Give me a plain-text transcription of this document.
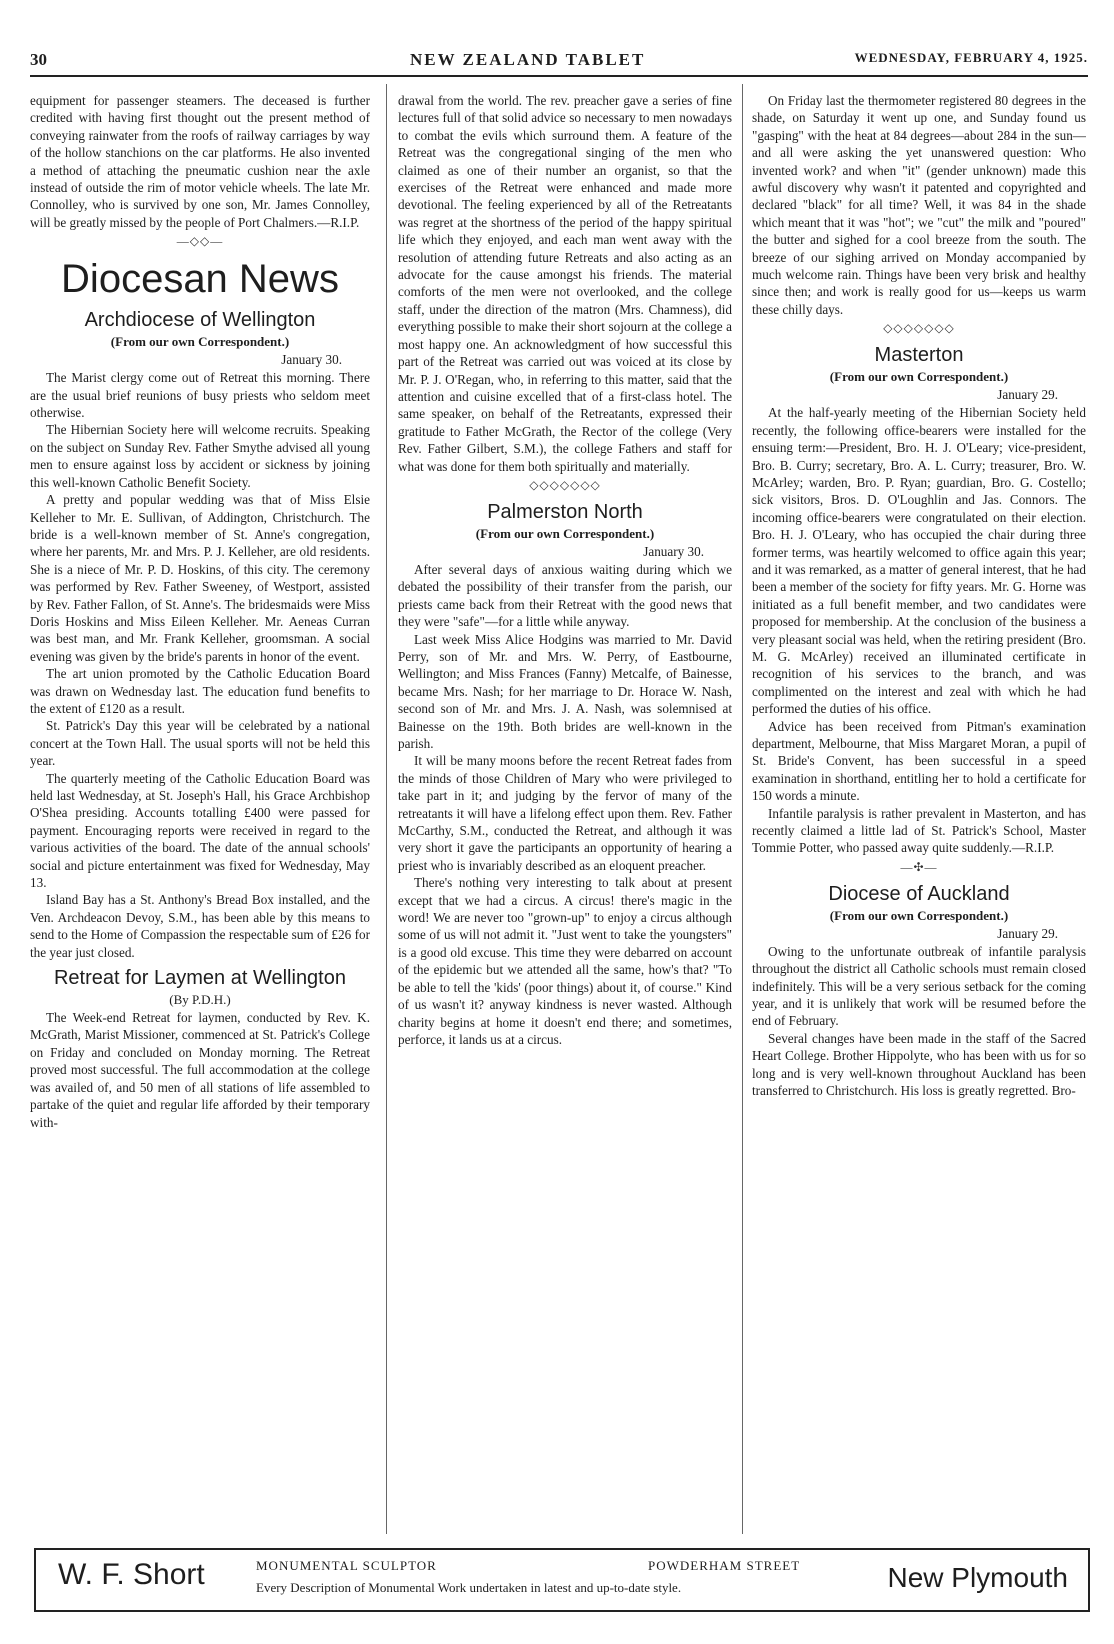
30	NEW ZEALAND TABLET	WEDNESDAY, FEBRUARY 4, 1925.

equipment for passenger steamers. The deceased is further credited with having first thought out the present method of conveying rainwater from the roofs of railway carriages by way of the hollow stanchions on the car platforms. He also invented a method of attaching the pneumatic cushion near the axle instead of outside the rim of motor vehicle wheels. The late Mr. Connolley, who is survived by one son, Mr. James Connolley, will be greatly missed by the people of Port Chalmers.—R.I.P.

—◇◇—
Diocesan News
Archdiocese of Wellington
(From our own Correspondent.)
January 30.

The Marist clergy come out of Retreat this morning. There are the usual brief reunions of busy priests who seldom meet otherwise.

The Hibernian Society here will welcome recruits. Speaking on the subject on Sunday Rev. Father Smythe advised all young men to ensure against loss by accident or sickness by joining this well-known Catholic Benefit Society.

A pretty and popular wedding was that of Miss Elsie Kelleher to Mr. E. Sullivan, of Addington, Christchurch. The bride is a well-known member of St. Anne's congregation, where her parents, Mr. and Mrs. P. J. Kelleher, are old residents. She is a niece of Mr. P. D. Hoskins, of this city. The ceremony was performed by Rev. Father Sweeney, of Westport, assisted by Rev. Father Fallon, of St. Anne's. The bridesmaids were Miss Doris Hoskins and Miss Eileen Kelleher. Mr. Aeneas Curran was best man, and Mr. Frank Kelleher, groomsman. A social evening was given by the bride's parents in honor of the event.

The art union promoted by the Catholic Education Board was drawn on Wednesday last. The education fund benefits to the extent of £120 as a result.

St. Patrick's Day this year will be celebrated by a national concert at the Town Hall. The usual sports will not be held this year.

The quarterly meeting of the Catholic Education Board was held last Wednesday, at St. Joseph's Hall, his Grace Archbishop O'Shea presiding. Accounts totalling £400 were passed for payment. Encouraging reports were received in regard to the various activities of the board. The date of the annual schools' social and picture entertainment was fixed for Wednesday, May 13.

Island Bay has a St. Anthony's Bread Box installed, and the Ven. Archdeacon Devoy, S.M., has been able by this means to send to the Home of Compassion the respectable sum of £26 for the year just closed.

Retreat for Laymen at Wellington
(By P.D.H.)

The Week-end Retreat for laymen, conducted by Rev. K. McGrath, Marist Missioner, commenced at St. Patrick's College on Friday and concluded on Monday morning. The Retreat proved most successful. The full accommodation at the college was availed of, and 50 men of all stations of life assembled to partake of the quiet and regular life afforded by their temporary with-

drawal from the world. The rev. preacher gave a series of fine lectures full of that solid advice so necessary to men nowadays to combat the evils which surround them. A feature of the Retreat was the congregational singing of the men who claimed as one of their number an organist, so that the exercises of the Retreat were enhanced and made more devotional. The feeling experienced by all of the Retreatants was regret at the shortness of the period of the happy spiritual life which they enjoyed, and each man went away with the resolution of attending future Retreats and also acting as an advocate for the cause amongst his friends. The material comforts of the men were not overlooked, and the college staff, under the direction of the matron (Mrs. Chamness), did everything possible to make their short sojourn at the college a most happy one. An acknowledgment of how successful this part of the Retreat was carried out was voiced at its close by Mr. P. J. O'Regan, who, in referring to this matter, said that the attention and cuisine excelled that of a first-class hotel. The same speaker, on behalf of the Retreatants, expressed their gratitude to Father McGrath, the Rector of the college (Very Rev. Father Gilbert, S.M.), the college Fathers and staff for what was done for them both spiritually and materially.

◇◇◇◇◇◇◇
Palmerston North
(From our own Correspondent.)
January 30.

After several days of anxious waiting during which we debated the possibility of their transfer from the parish, our priests came back from their Retreat with the good news that they were "safe"—for a little while anyway.

Last week Miss Alice Hodgins was married to Mr. David Perry, son of Mr. and Mrs. W. Perry, of Eastbourne, Wellington; and Miss Frances (Fanny) Metcalfe, of Bainesse, became Mrs. Nash; for her marriage to Dr. Horace W. Nash, second son of Mr. and Mrs. J. A. Nash, was solemnised at Bainesse on the 19th. Both brides are well-known in the parish.

It will be many moons before the recent Retreat fades from the minds of those Children of Mary who were privileged to take part in it; and judging by the fervor of many of the retreatants it will have a lifelong effect upon them. Rev. Father McCarthy, S.M., conducted the Retreat, and although it was very short it gave the participants an opportunity of hearing a priest who is invariably described as an eloquent preacher.

There's nothing very interesting to talk about at present except that we had a circus. A circus! there's magic in the word! We are never too "grown-up" to enjoy a circus although some of us will not admit it. "Just went to take the youngsters" is a good old excuse. This time they were debarred on account of the epidemic but we attended all the same, how's that? "To be able to tell the 'kids' (poor things) about it, of course." Kind of us wasn't it? anyway kindness is never wasted. Although charity begins at home it doesn't end there; and sometimes, perforce, it lands us at a circus.

On Friday last the thermometer registered 80 degrees in the shade, on Saturday it went up one, and Sunday found us "gasping" with the heat at 84 degrees—about 284 in the sun—and all were asking the yet unanswered question: Who invented work? and when "it" (gender unknown) made this awful discovery why wasn't it patented and copyrighted and declared "black" for all time? Well, it was 84 in the shade which meant that it was "hot"; we "cut" the milk and "poured" the butter and sighed for a cool breeze from the south. The breeze of our sighing arrived on Monday accompanied by much welcome rain. Things have been very brisk and healthy since then; and work is really good for us—keeps us warm these chilly days.

◇◇◇◇◇◇◇
Masterton
(From our own Correspondent.)
January 29.

At the half-yearly meeting of the Hibernian Society held recently, the following office-bearers were installed for the ensuing term:—President, Bro. H. J. O'Leary; vice-president, Bro. B. Curry; secretary, Bro. A. L. Curry; treasurer, Bro. W. McArley; warden, Bro. P. Ryan; guardian, Bro. G. Costello; sick visitors, Bros. D. O'Loughlin and Jas. Connors. The incoming office-bearers were congratulated on their election. Bro. H. J. O'Leary, who has occupied the chair during three former terms, was heartily welcomed to office again this year; and it was remarked, as a matter of general interest, that he had been a member of the society for fifty years. Mr. G. Horne was initiated as a full benefit member, and two candidates were proposed for membership. At the conclusion of the business a very pleasant social was held, when the retiring president (Bro. M. G. McArley) received an illuminated certificate in recognition of his services to the branch, and was complimented on the interest and zeal with which he had performed the duties of his office.

Advice has been received from Pitman's examination department, Melbourne, that Miss Margaret Moran, a pupil of St. Bride's Convent, has been successful in a speed examination in shorthand, entitling her to hold a certificate for 150 words a minute.

Infantile paralysis is rather prevalent in Masterton, and has recently claimed a little lad of St. Patrick's School, Master Tommie Potter, who passed away quite suddenly.—R.I.P.

—✣—
Diocese of Auckland
(From our own Correspondent.)
January 29.

Owing to the unfortunate outbreak of infantile paralysis throughout the district all Catholic schools must remain closed indefinitely. This will be a very serious setback for the coming year, and it is unlikely that work will be resumed before the end of February.

Several changes have been made in the staff of the Sacred Heart College. Brother Hippolyte, who has been with us for so long and is very well-known throughout Auckland has been transferred to Christchurch. His loss is greatly regretted. Bro-

W. F. Short	MONUMENTAL SCULPTOR	POWDERHAM STREET
Every Description of Monumental Work undertaken in latest and up-to-date style.	New Plymouth
